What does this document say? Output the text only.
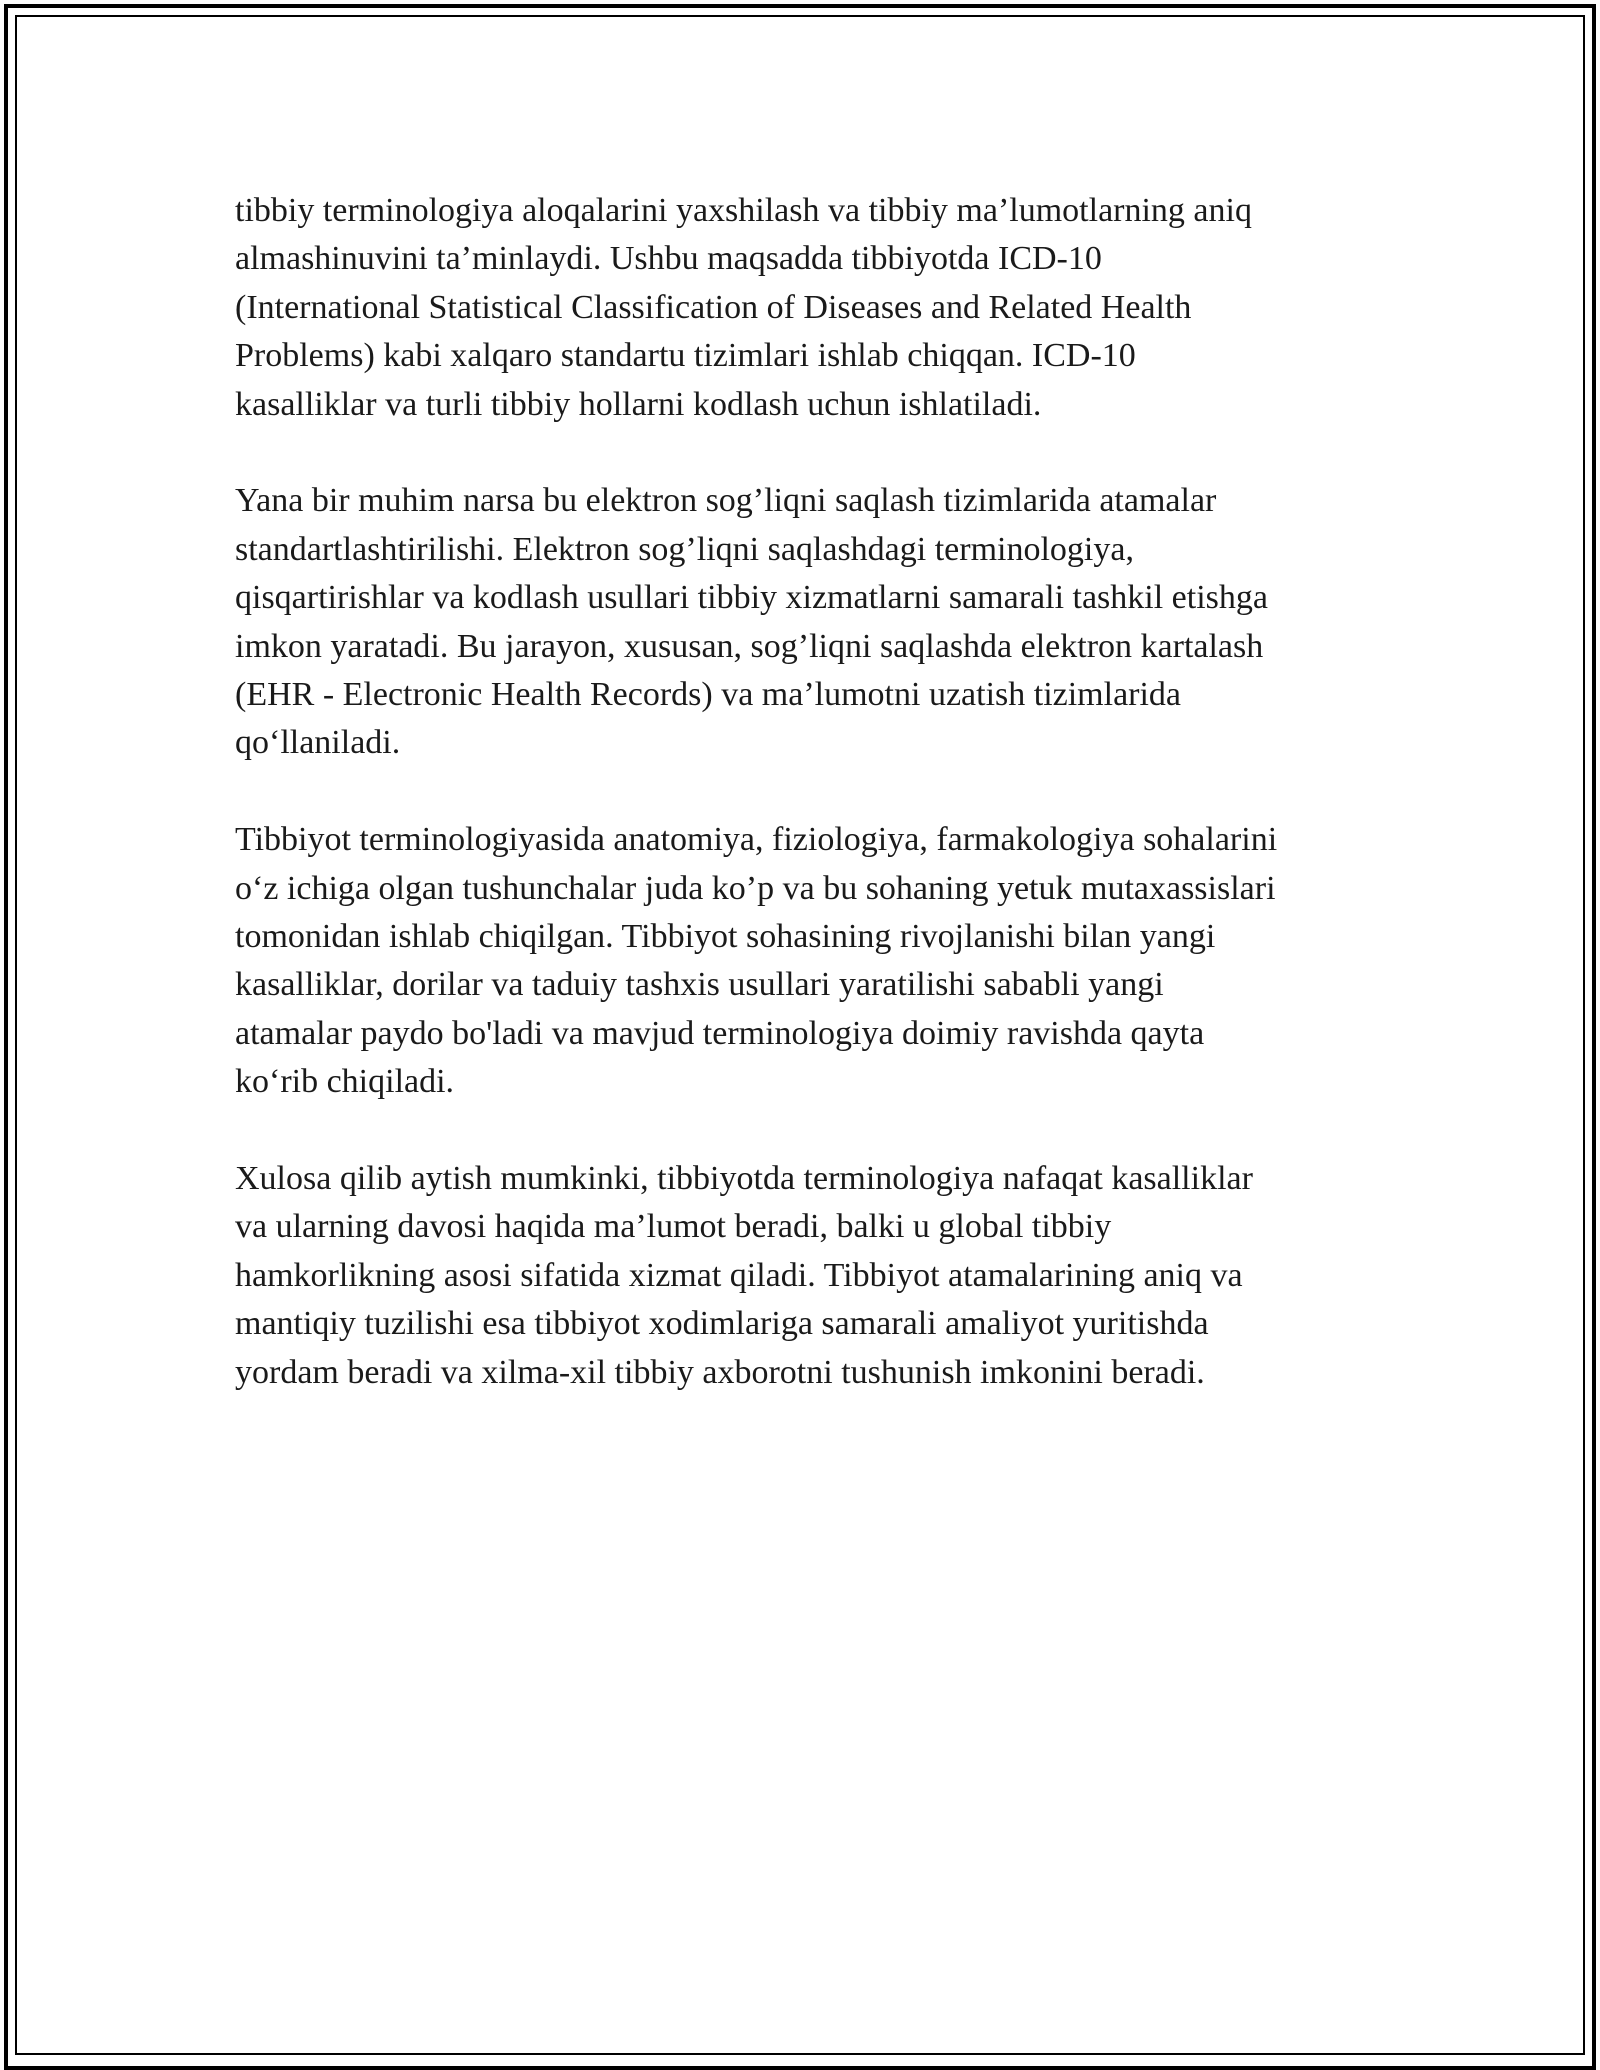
tibbiy terminologiya aloqalarini yaxshilash va tibbiy ma’lumotlarning aniq
almashinuvini ta’minlaydi. Ushbu maqsadda tibbiyotda ICD-10
(International Statistical Classification of Diseases and Related Health
Problems) kabi xalqaro standartu tizimlari ishlab chiqqan. ICD-10
kasalliklar va turli tibbiy hollarni kodlash uchun ishlatiladi.

Yana bir muhim narsa bu elektron sog’liqni saqlash tizimlarida atamalar
standartlashtirilishi. Elektron sog’liqni saqlashdagi terminologiya,
qisqartirishlar va kodlash usullari tibbiy xizmatlarni samarali tashkil etishga
imkon yaratadi. Bu jarayon, xususan, sog’liqni saqlashda elektron kartalash
(EHR - Electronic Health Records) va ma’lumotni uzatish tizimlarida
qo‘llaniladi.

Tibbiyot terminologiyasida anatomiya, fiziologiya, farmakologiya sohalarini
o‘z ichiga olgan tushunchalar juda ko’p va bu sohaning yetuk mutaxassislari
tomonidan ishlab chiqilgan. Tibbiyot sohasining rivojlanishi bilan yangi
kasalliklar, dorilar va taduiy tashxis usullari yaratilishi sababli yangi
atamalar paydo bo'ladi va mavjud terminologiya doimiy ravishda qayta
ko‘rib chiqiladi.

Xulosa qilib aytish mumkinki, tibbiyotda terminologiya nafaqat kasalliklar
va ularning davosi haqida ma’lumot beradi, balki u global tibbiy
hamkorlikning asosi sifatida xizmat qiladi. Tibbiyot atamalarining aniq va
mantiqiy tuzilishi esa tibbiyot xodimlariga samarali amaliyot yuritishda
yordam beradi va xilma-xil tibbiy axborotni tushunish imkonini beradi.
